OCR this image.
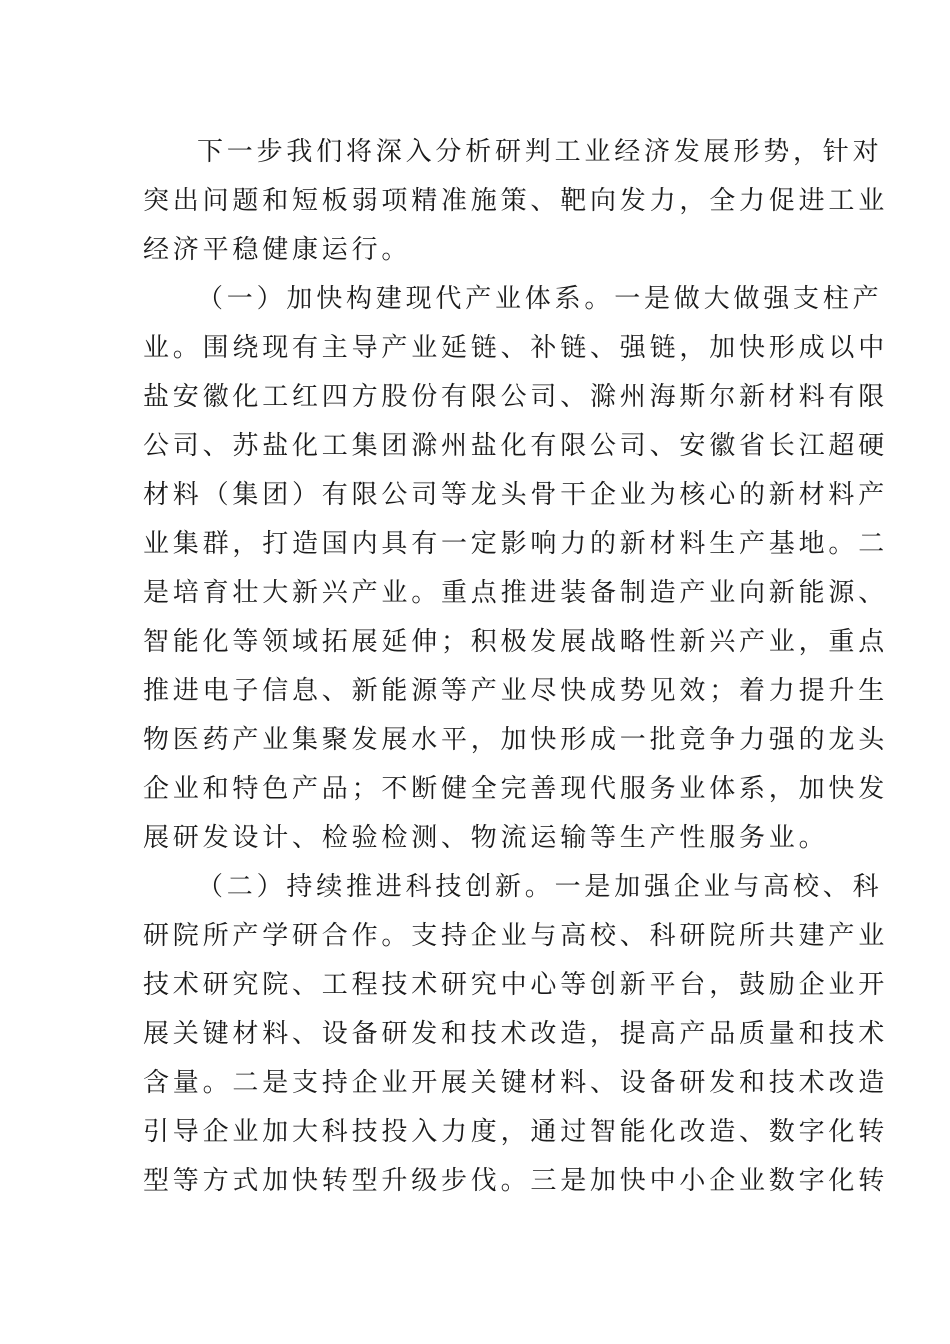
下一步我们将深入分析研判工业经济发展形势，针对
突出问题和短板弱项精准施策、靶向发力，全力促进工业
经济平稳健康运行。

（一）加快构建现代产业体系。一是做大做强支柱产
业。围绕现有主导产业延链、补链、强链，加快形成以中
盐安徽化工红四方股份有限公司、滁州海斯尔新材料有限
公司、苏盐化工集团滁州盐化有限公司、安徽省长江超硬
材料（集团）有限公司等龙头骨干企业为核心的新材料产
业集群，打造国内具有一定影响力的新材料生产基地。二
是培育壮大新兴产业。重点推进装备制造产业向新能源、
智能化等领域拓展延伸；积极发展战略性新兴产业，重点
推进电子信息、新能源等产业尽快成势见效；着力提升生
物医药产业集聚发展水平，加快形成一批竞争力强的龙头
企业和特色产品；不断健全完善现代服务业体系，加快发
展研发设计、检验检测、物流运输等生产性服务业。

（二）持续推进科技创新。一是加强企业与高校、科
研院所产学研合作。支持企业与高校、科研院所共建产业
技术研究院、工程技术研究中心等创新平台，鼓励企业开
展关键材料、设备研发和技术改造，提高产品质量和技术
含量。二是支持企业开展关键材料、设备研发和技术改造
引导企业加大科技投入力度，通过智能化改造、数字化转
型等方式加快转型升级步伐。三是加快中小企业数字化转
